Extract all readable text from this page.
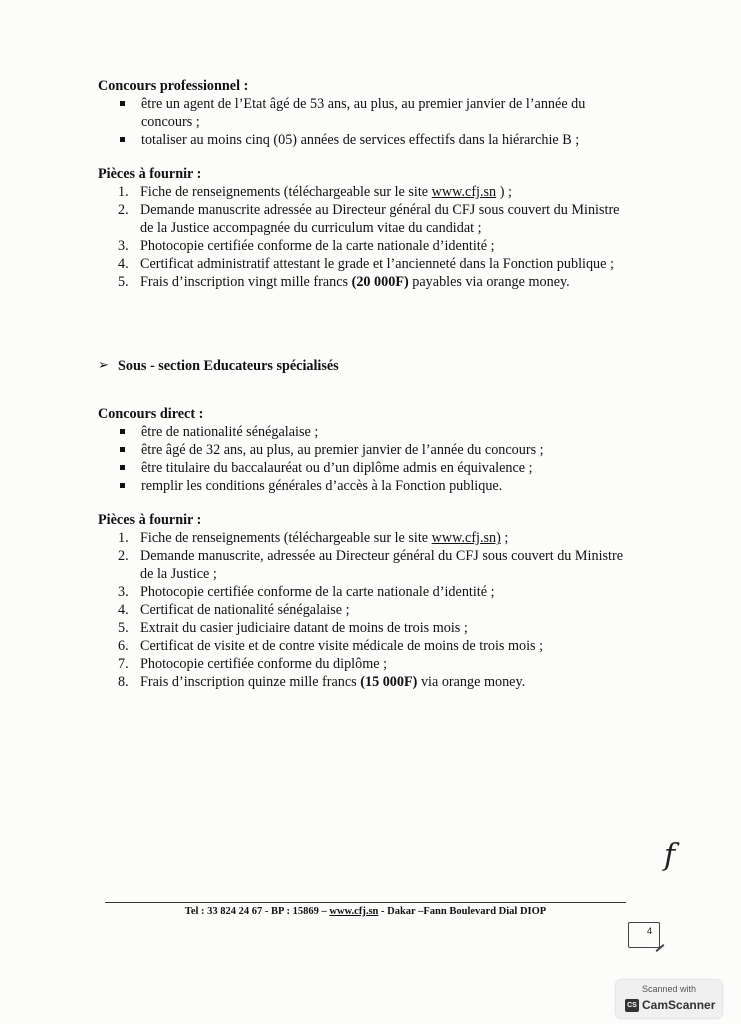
Concours professionnel :

être un agent de l’Etat âgé de 53 ans, au plus, au premier janvier de l’année du concours ;
totaliser au moins cinq (05) années de services effectifs dans la hiérarchie B ;

Pièces à fournir :

1. Fiche de renseignements (téléchargeable sur le site www.cfj.sn ) ;
2. Demande manuscrite adressée au Directeur général du CFJ sous couvert du Ministre de la Justice accompagnée du curriculum vitae du candidat ;
3. Photocopie certifiée conforme de la carte nationale d’identité ;
4. Certificat administratif attestant le grade et l’ancienneté dans la Fonction publique ;
5. Frais d’inscription vingt mille francs (20 000F) payables via orange money.

➢ Sous - section Educateurs spécialisés

Concours direct :

être de nationalité sénégalaise ;
être âgé de 32 ans, au plus, au premier janvier de l’année du concours ;
être titulaire du baccalauréat ou d’un diplôme admis en équivalence ;
remplir les conditions générales d’accès à la Fonction publique.

Pièces à fournir :

1. Fiche de renseignements (téléchargeable sur le site www.cfj.sn) ;
2. Demande manuscrite, adressée au Directeur général du CFJ sous couvert du Ministre de la Justice ;
3. Photocopie certifiée conforme de la carte nationale d’identité ;
4. Certificat de nationalité sénégalaise ;
5. Extrait du casier judiciaire datant de moins de trois mois ;
6. Certificat de visite et de contre visite médicale de moins de trois mois ;
7. Photocopie certifiée conforme du diplôme ;
8. Frais d’inscription quinze mille francs (15 000F) via orange money.
f
Tel : 33 824 24 67 - BP : 15869 – www.cfj.sn - Dakar –Fann Boulevard Dial DIOP
4
Scanned with
CS CamScanner
